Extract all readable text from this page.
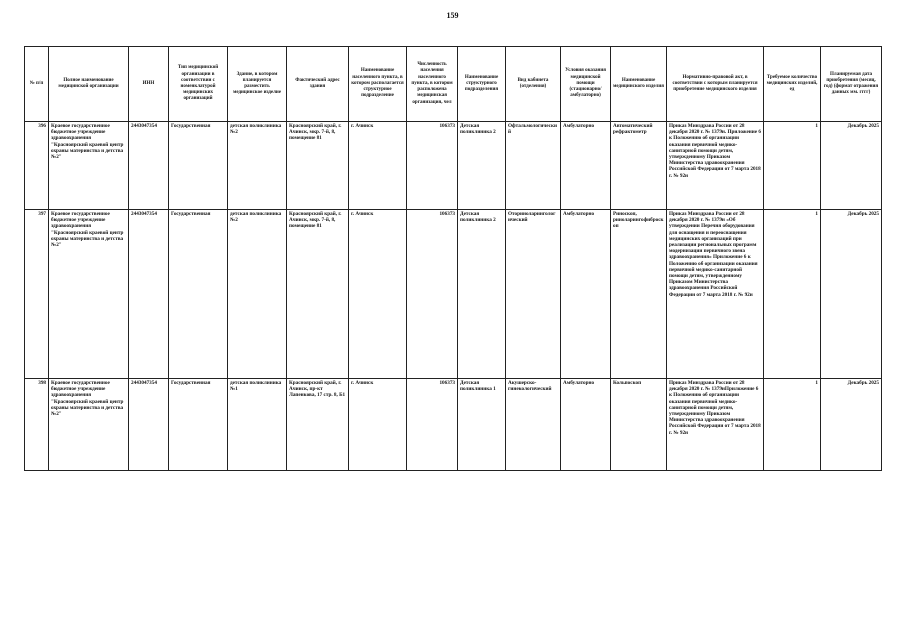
159
№ п/п	Полное наименование медицинской организации	ИНН	Тип медицинской организации в соответствии с номенклатурой медицинских организаций	Здание, в котором планируется разместить медицинское изделие	Фактический адрес здания	Наименование населенного пункта, в котором располагается структурное подразделение	Численность населения населенного пункта, в котором расположена медицинская организация, чел	Наименование структурного подразделения	Вид кабинета (отделения)	Условия оказания медицинской помощи (стационарно/амбулаторно)	Наименование медицинского изделия	Нормативно-правовой акт, в соответствии с которым планируется приобретение медицинского изделия	Требуемое количество медицинских изделий, ед	Планируемая дата приобретения (месяц, год) (формат отражения данных мм. гггг)
396	Краевое государственное бюджетное учреждение здравоохранения "Красноярский краевой центр охраны материнства и детства №2"	2443047354	Государственная	детская поликлиника №2	Красноярский край, г. Ачинск, мкр. 7-й, 8, помещение 81	г. Ачинск	106373	Детская поликлиника 2	Офтальмологический	Амбулаторно	Автоматический рефрактометр	Приказ Минздрава России от 28 декабря 2020 г. № 1379н. Приложение 6 к Положению об организации оказания первичной медико-санитарной помощи детям, утвержденному Приказом Министерства здравоохранения Российской Федерации от 7 марта 2018 г. № 92н	1	Декабрь 2025
397	Краевое государственное бюджетное учреждение здравоохранения "Красноярский краевой центр охраны материнства и детства №2"	2443047354	Государственная	детская поликлиника №2	Красноярский край, г. Ачинск, мкр. 7-й, 8, помещение 81	г. Ачинск	106373	Детская поликлиника 2	Оториноларингологический	Амбулаторно	Риноскоп, риноларингофиброскоп	Приказ Минздрава России от 28 декабря 2020 г. № 1379н «Об утверждении Перечня оборудования для оснащения и переоснащения медицинских организаций при реализации региональных программ модернизации первичного звена здравоохранения» Приложение 6 к Положению об организации оказания первичной медико-санитарной помощи детям, утвержденному Приказом Министерства здравоохранения Российской Федерации от 7 марта 2018 г. № 92н	1	Декабрь 2025
398	Краевое государственное бюджетное учреждение здравоохранения "Красноярский краевой центр охраны материнства и детства №2"	2443047354	Государственная	детская поликлиника №1	Красноярский край, г. Ачинск, пр-кт Лапенкова, 17 стр. 8, Б1	г. Ачинск	106373	Детская поликлиника 1	Акушерско-гинекологический	Амбулаторно	Кольпоскоп	Приказ Минздрава России от 28 декабря 2020 г. № 1379нПриложение 6 к Положению об организации оказания первичной медико-санитарной помощи детям, утвержденному Приказом Министерства здравоохранения Российской Федерации от 7 марта 2018 г. № 92н	1	Декабрь 2025
